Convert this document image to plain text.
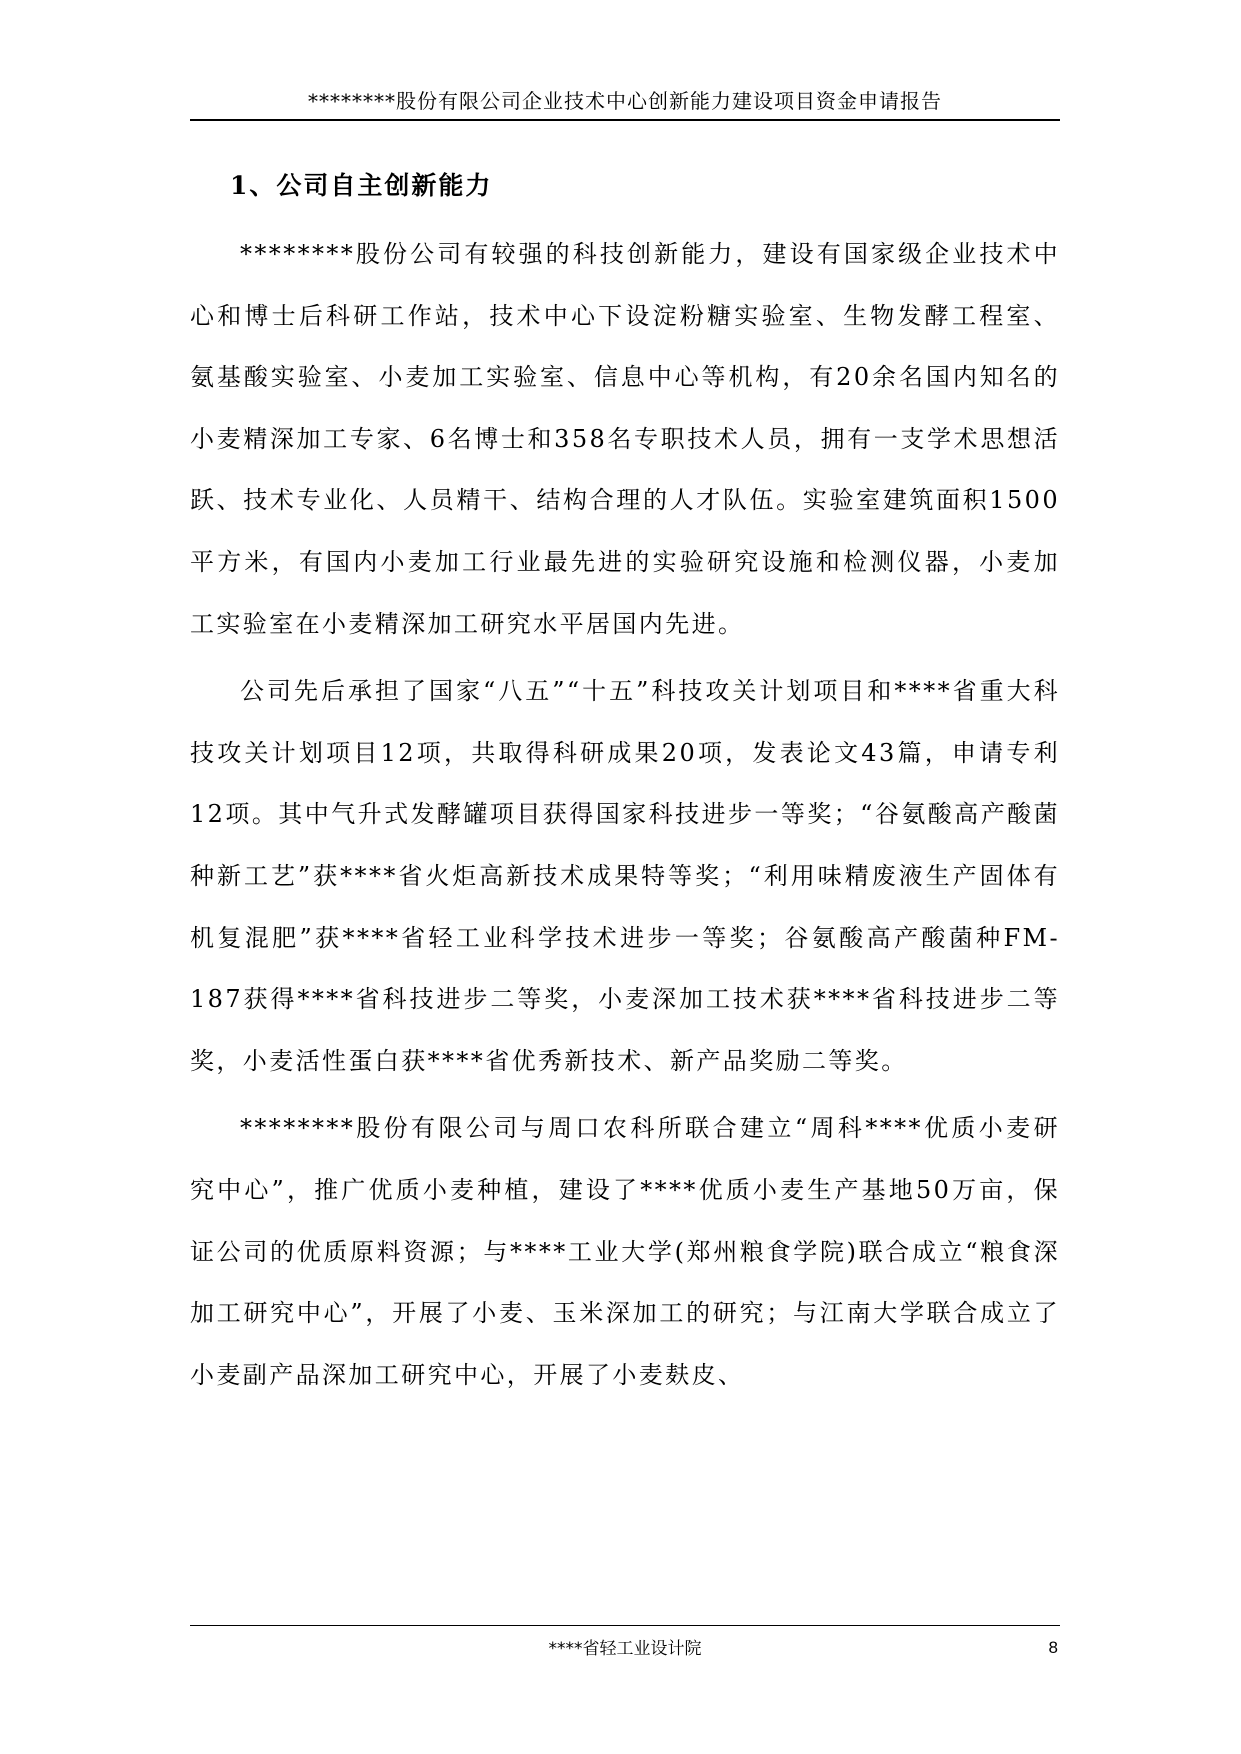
********股份有限公司企业技术中心创新能力建设项目资金申请报告
1、公司自主创新能力

********股份公司有较强的科技创新能力，建设有国家级企业技术中心和博士后科研工作站，技术中心下设淀粉糖实验室、生物发酵工程室、氨基酸实验室、小麦加工实验室、信息中心等机构，有20余名国内知名的小麦精深加工专家、6名博士和358名专职技术人员，拥有一支学术思想活跃、技术专业化、人员精干、结构合理的人才队伍。实验室建筑面积1500平方米，有国内小麦加工行业最先进的实验研究设施和检测仪器，小麦加工实验室在小麦精深加工研究水平居国内先进。

公司先后承担了国家“八五”“十五”科技攻关计划项目和****省重大科技攻关计划项目12项，共取得科研成果20项，发表论文43篇，申请专利12项。其中气升式发酵罐项目获得国家科技进步一等奖；“谷氨酸高产酸菌种新工艺”获****省火炬高新技术成果特等奖；“利用味精废液生产固体有机复混肥”获****省轻工业科学技术进步一等奖；谷氨酸高产酸菌种FM-187获得****省科技进步二等奖，小麦深加工技术获****省科技进步二等奖，小麦活性蛋白获****省优秀新技术、新产品奖励二等奖。

********股份有限公司与周口农科所联合建立“周科****优质小麦研究中心”，推广优质小麦种植，建设了****优质小麦生产基地50万亩，保证公司的优质原料资源；与****工业大学(郑州粮食学院)联合成立“粮食深加工研究中心”，开展了小麦、玉米深加工的研究；与江南大学联合成立了小麦副产品深加工研究中心，开展了小麦麸皮、

****省轻工业设计院	8
